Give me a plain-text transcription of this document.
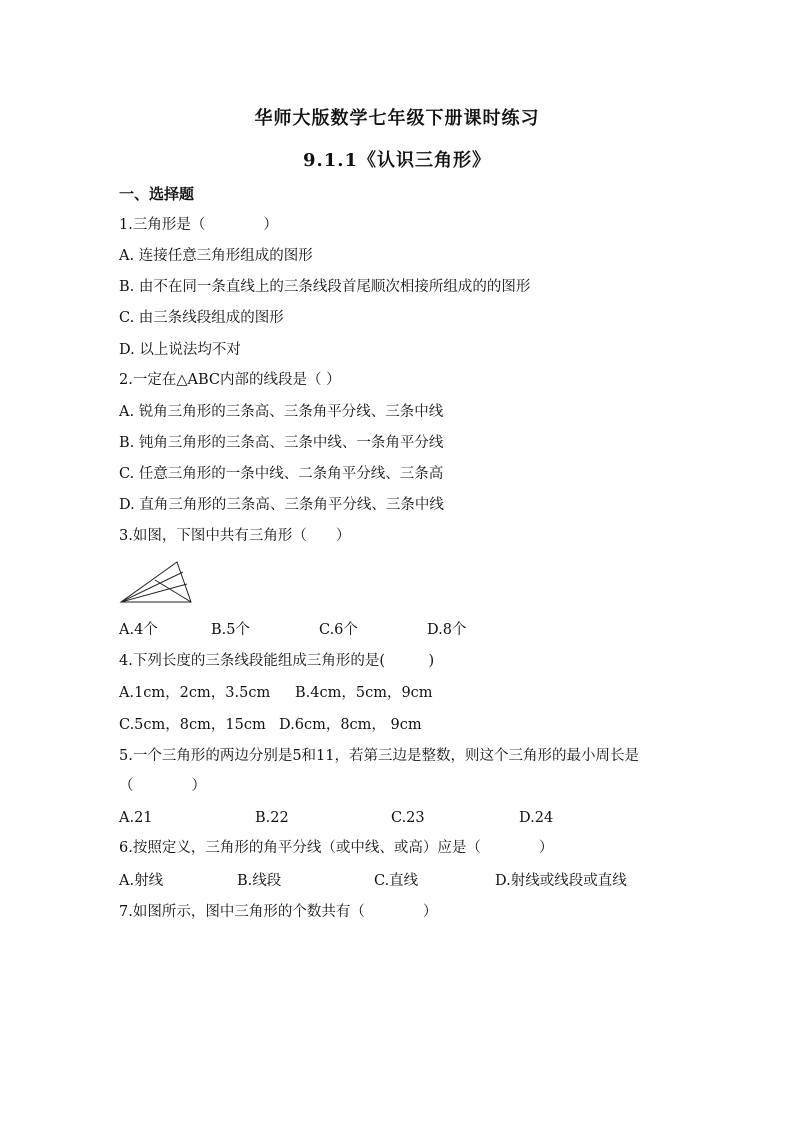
华师大版数学七年级下册课时练习
9.1.1《认识三角形》
一、选择题
1.三角形是（　　　　）
A. 连接任意三角形组成的图形
B. 由不在同一条直线上的三条线段首尾顺次相接所组成的的图形
C. 由三条线段组成的图形
D. 以上说法均不对
2.一定在△ABC内部的线段是（ ）
A. 锐角三角形的三条高、三条角平分线、三条中线
B. 钝角三角形的三条高、三条中线、一条角平分线
C. 任意三角形的一条中线、二条角平分线、三条高
D. 直角三角形的三条高、三条角平分线、三条中线
3.如图，下图中共有三角形（　　）
A.4个	B.5个	C.6个	D.8个
4.下列长度的三条线段能组成三角形的是(　　　)
A.1cm，2cm，3.5cm B.4cm，5cm，9cm
C.5cm，8cm，15cm D.6cm，8cm， 9cm
5.一个三角形的两边分别是5和11，若第三边是整数，则这个三角形的最小周长是
（　　　　）
A.21	B.22	C.23	D.24
6.按照定义，三角形的角平分线（或中线、或高）应是（　　　　）
A.射线	B.线段	C.直线	D.射线或线段或直线
7.如图所示，图中三角形的个数共有（　　　　）
